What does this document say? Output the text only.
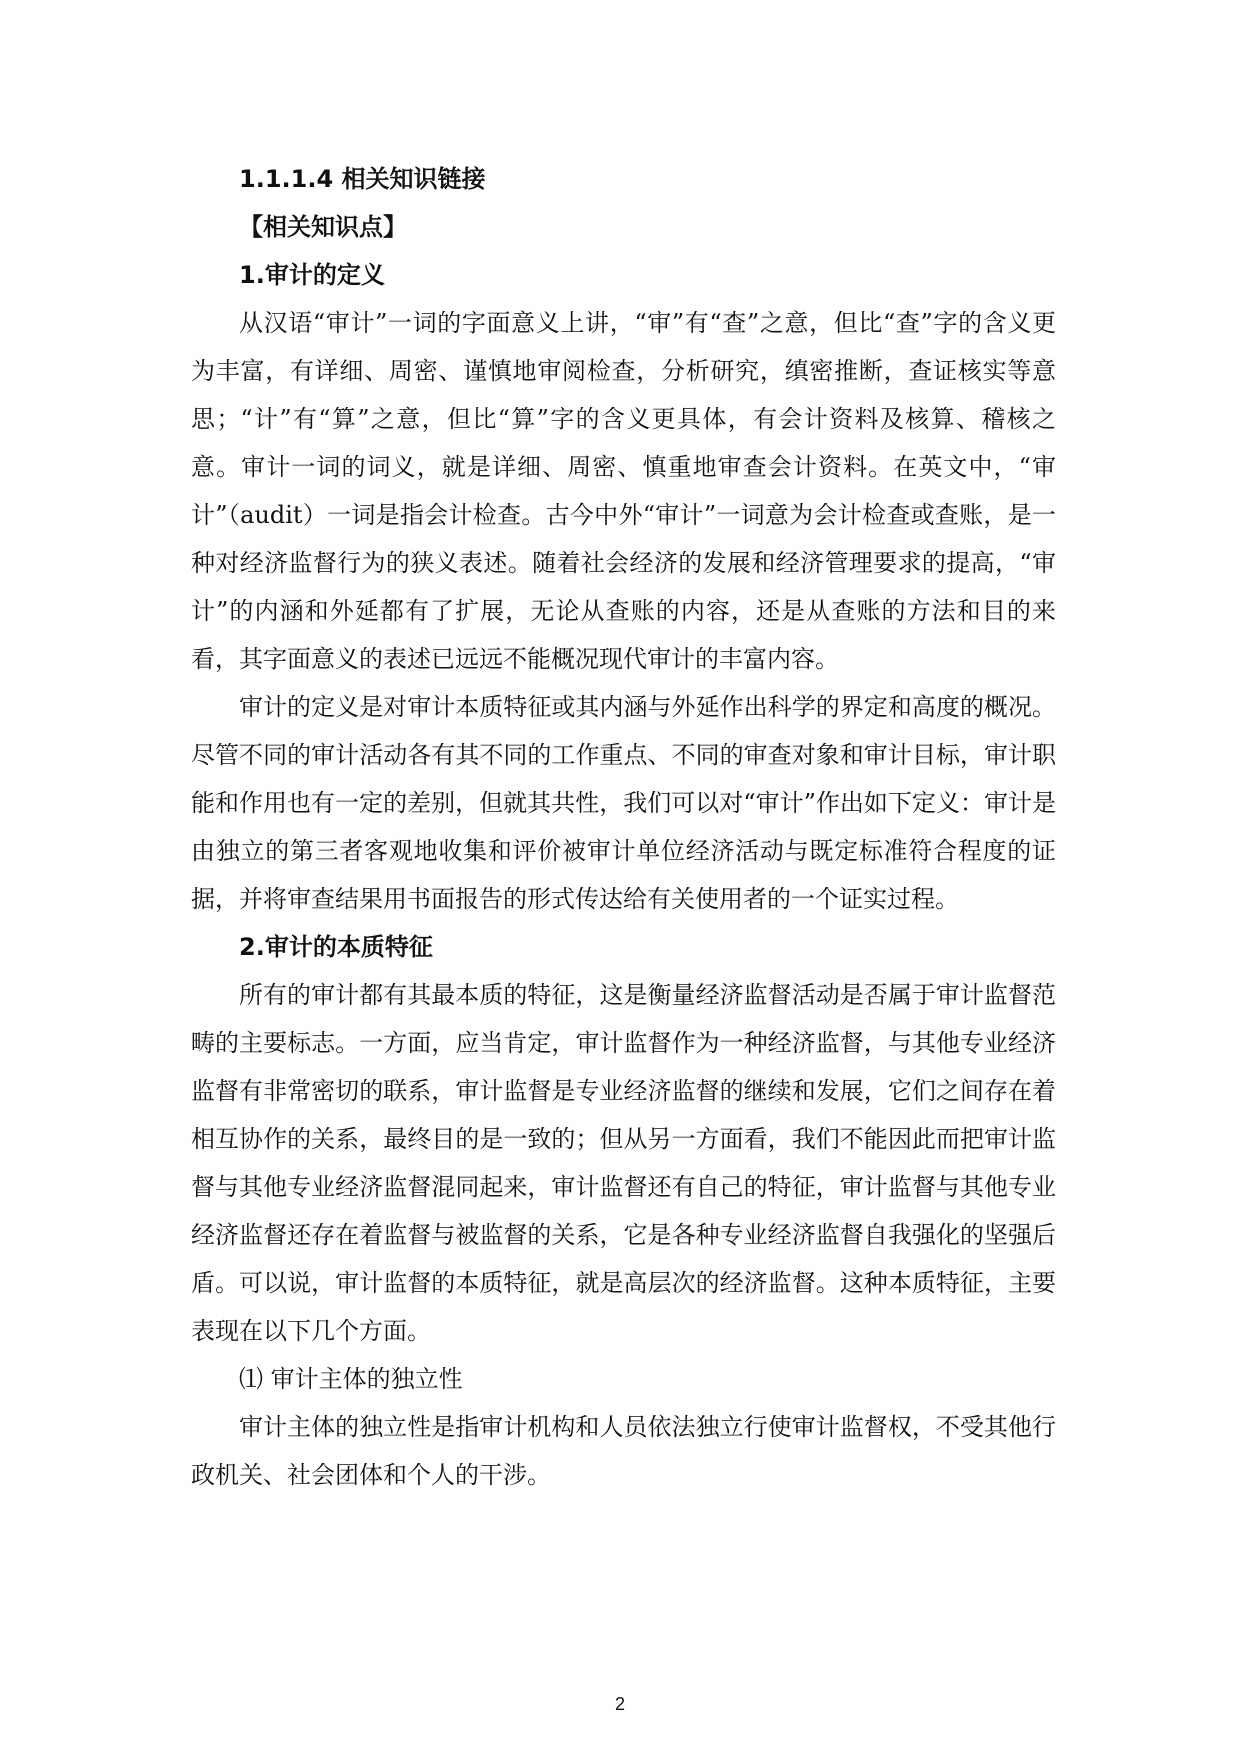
1.1.1.4 相关知识链接

【相关知识点】

1.审计的定义

从汉语“审计”一词的字面意义上讲，“审”有“查”之意，但比“查”字的含义更为丰富，有详细、周密、谨慎地审阅检查，分析研究，缜密推断，查证核实等意思；“计”有“算”之意，但比“算”字的含义更具体，有会计资料及核算、稽核之意。审计一词的词义，就是详细、周密、慎重地审查会计资料。在英文中，“审计”（audit）一词是指会计检查。古今中外“审计”一词意为会计检查或查账，是一种对经济监督行为的狭义表述。随着社会经济的发展和经济管理要求的提高，“审计”的内涵和外延都有了扩展，无论从查账的内容，还是从查账的方法和目的来看，其字面意义的表述已远远不能概况现代审计的丰富内容。

审计的定义是对审计本质特征或其内涵与外延作出科学的界定和高度的概况。尽管不同的审计活动各有其不同的工作重点、不同的审查对象和审计目标，审计职能和作用也有一定的差别，但就其共性，我们可以对“审计”作出如下定义：审计是由独立的第三者客观地收集和评价被审计单位经济活动与既定标准符合程度的证据，并将审查结果用书面报告的形式传达给有关使用者的一个证实过程。

2.审计的本质特征

所有的审计都有其最本质的特征，这是衡量经济监督活动是否属于审计监督范畴的主要标志。一方面，应当肯定，审计监督作为一种经济监督，与其他专业经济监督有非常密切的联系，审计监督是专业经济监督的继续和发展，它们之间存在着相互协作的关系，最终目的是一致的；但从另一方面看，我们不能因此而把审计监督与其他专业经济监督混同起来，审计监督还有自己的特征，审计监督与其他专业经济监督还存在着监督与被监督的关系，它是各种专业经济监督自我强化的坚强后盾。可以说，审计监督的本质特征，就是高层次的经济监督。这种本质特征，主要表现在以下几个方面。

⑴ 审计主体的独立性

审计主体的独立性是指审计机构和人员依法独立行使审计监督权，不受其他行政机关、社会团体和个人的干涉。

2
